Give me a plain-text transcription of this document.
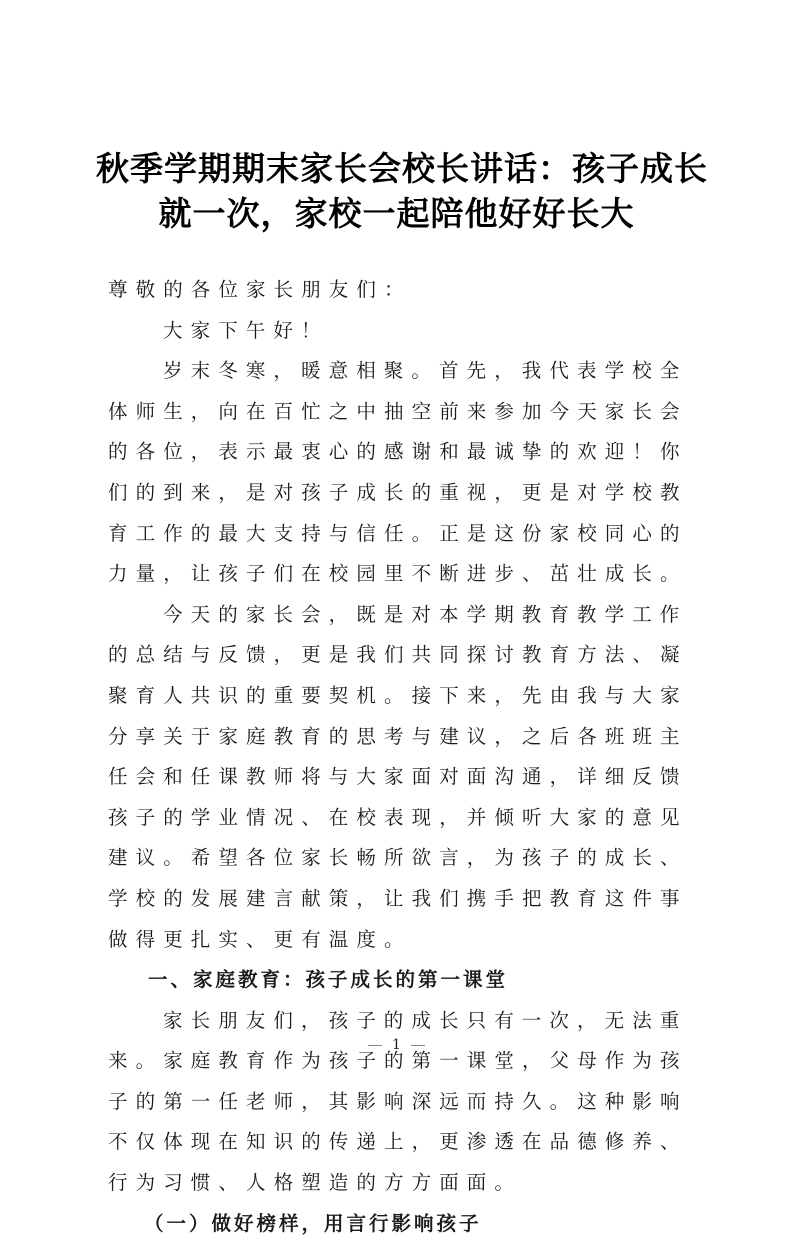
秋季学期期末家长会校长讲话：孩子成长
就一次，家校一起陪他好好长大

尊敬的各位家长朋友们：

大家下午好！

岁末冬寒，暖意相聚。首先，我代表学校全体师生，向在百忙之中抽空前来参加今天家长会的各位，表示最衷心的感谢和最诚挚的欢迎！你们的到来，是对孩子成长的重视，更是对学校教育工作的最大支持与信任。正是这份家校同心的力量，让孩子们在校园里不断进步、茁壮成长。

今天的家长会，既是对本学期教育教学工作的总结与反馈，更是我们共同探讨教育方法、凝聚育人共识的重要契机。接下来，先由我与大家分享关于家庭教育的思考与建议，之后各班班主任会和任课教师将与大家面对面沟通，详细反馈孩子的学业情况、在校表现，并倾听大家的意见建议。希望各位家长畅所欲言，为孩子的成长、学校的发展建言献策，让我们携手把教育这件事做得更扎实、更有温度。

一、家庭教育：孩子成长的第一课堂

家长朋友们，孩子的成长只有一次，无法重来。家庭教育作为孩子的第一课堂，父母作为孩子的第一任老师，其影响深远而持久。这种影响不仅体现在知识的传递上，更渗透在品德修养、行为习惯、人格塑造的方方面面。

（一）做好榜样，用言行影响孩子

1
